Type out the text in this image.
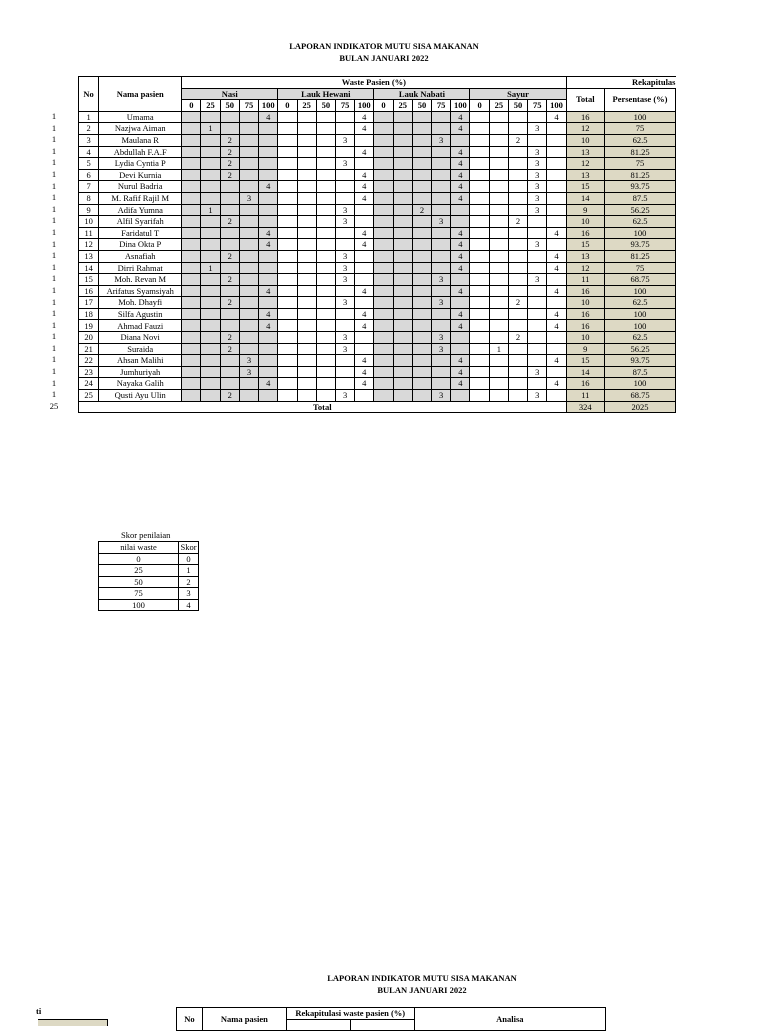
LAPORAN INDIKATOR MUTU SISA MAKANAN
BULAN JANUARI 2022
1
1
1
1
1
1
1
1
1
1
1
1
1
1
1
1
1
1
1
1
1
1
1
1
1
25
No	Nama pasien	Waste Pasien (%)																				Rekapitulas	
		Nasi					Lauk Hewani					Lauk Nabati					Sayur					Total	Persentase (%)
		0	25	50	75	100	0	25	50	75	100	0	25	50	75	100	0	25	50	75	100		
1	Umama					4					4					4					4	16	100
2	Nazjwa Aiman		1								4					4				3		12	75
3	Maulana R			2						3					3				2			10	62.5
4	Abdullah F.A.F			2							4					4				3		13	81.25
5	Lydia Cyntia P			2						3						4				3		12	75
6	Devi Kurnia			2							4					4				3		13	81.25
7	Nurul Badria					4					4					4				3		15	93.75
8	M. Rafif Rajil M				3						4					4				3		14	87.5
9	Adifa Yumna		1							3				2						3		9	56.25
10	Alfil Syarifah			2						3					3				2			10	62.5
11	Faridatul T					4					4					4					4	16	100
12	Dina Okta P					4					4					4				3		15	93.75
13	Asnafiah			2						3						4					4	13	81.25
14	Dirri Rahmat		1							3						4					4	12	75
15	Moh. Revan M			2						3					3					3		11	68.75
16	Arifatus Syamsiyah					4					4					4					4	16	100
17	Moh. Dhayfi			2						3					3				2			10	62.5
18	Silfa Agustin					4					4					4					4	16	100
19	Ahmad Fauzi					4					4					4					4	16	100
20	Diana Novi			2						3					3				2			10	62.5
21	Suraida			2						3					3			1				9	56.25
22	Ahsan Malihi				3						4					4					4	15	93.75
23	Jumhuriyah				3						4					4				3		14	87.5
24	Nayaka Galih					4					4					4					4	16	100
25	Qusti Ayu Ulin			2						3					3					3		11	68.75
Total																						324	2025
Skor penilaian
nilai waste	Skor
0	0
25	1
50	2
75	3
100	4
LAPORAN INDIKATOR MUTU SISA MAKANAN
BULAN JANUARI 2022
ti
No	Nama pasien	Rekapitulasi waste pasien (%)		Analisa
